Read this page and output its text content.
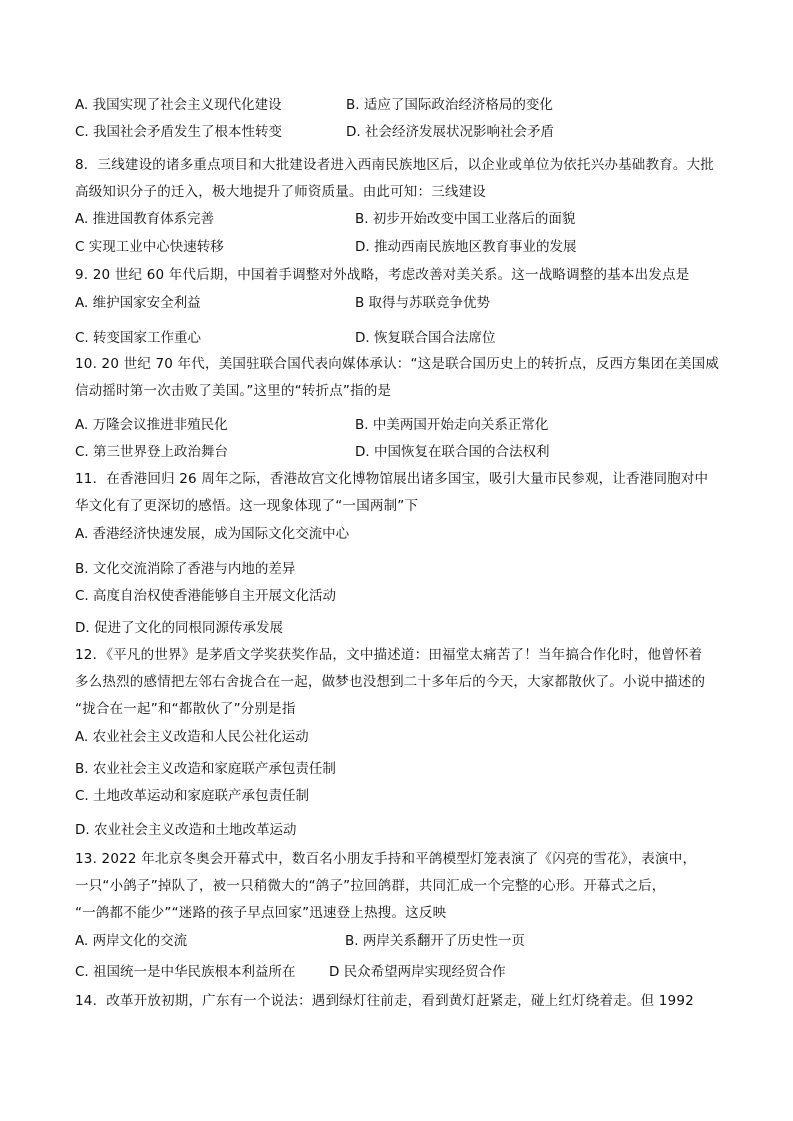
A. 我国实现了社会主义现代化建设	B. 适应了国际政治经济格局的变化
C. 我国社会矛盾发生了根本性转变	D. 社会经济发展状况影响社会矛盾
8．三线建设的诸多重点项目和大批建设者进入西南民族地区后，以企业或单位为依托兴办基础教育。大批
高级知识分子的迁入，极大地提升了师资质量。由此可知：三线建设
A. 推进国教育体系完善	B. 初步开始改变中国工业落后的面貌
C 实现工业中心快速转移	D. 推动西南民族地区教育事业的发展
9. 20 世纪 60 年代后期，中国着手调整对外战略，考虑改善对美关系。这一战略调整的基本出发点是
A. 维护国家安全利益	B 取得与苏联竞争优势
C. 转变国家工作重心	D. 恢复联合国合法席位
10. 20 世纪 70 年代，美国驻联合国代表向媒体承认：“这是联合国历史上的转折点，反西方集团在美国威
信动摇时第一次击败了美国。”这里的“转折点”指的是
A. 万隆会议推进非殖民化	B. 中美两国开始走向关系正常化
C. 第三世界登上政治舞台	D. 中国恢复在联合国的合法权利
11．在香港回归 26 周年之际，香港故宫文化博物馆展出诸多国宝，吸引大量市民参观，让香港同胞对中
华文化有了更深切的感悟。这一现象体现了“一国两制”下
A. 香港经济快速发展，成为国际文化交流中心
B. 文化交流消除了香港与内地的差异
C. 高度自治权使香港能够自主开展文化活动
D. 促进了文化的同根同源传承发展
12．《平凡的世界》是茅盾文学奖获奖作品，文中描述道：田福堂太痛苦了！当年搞合作化时，他曾怀着
多么热烈的感情把左邻右舍拢合在一起，做梦也没想到二十多年后的今天，大家都散伙了。小说中描述的
“拢合在一起”和“都散伙了”分别是指
A. 农业社会主义改造和人民公社化运动
B. 农业社会主义改造和家庭联产承包责任制
C. 土地改革运动和家庭联产承包责任制
D. 农业社会主义改造和土地改革运动
13. 2022 年北京冬奥会开幕式中，数百名小朋友手持和平鸽模型灯笼表演了《闪亮的雪花》，表演中，
一只“小鸽子”掉队了，被一只稍微大的“鸽子”拉回鸽群，共同汇成一个完整的心形。开幕式之后，
“一鸽都不能少”“迷路的孩子早点回家”迅速登上热搜。这反映
A. 两岸文化的交流	B. 两岸关系翻开了历史性一页
C. 祖国统一是中华民族根本利益所在 D 民众希望两岸实现经贸合作
14．改革开放初期，广东有一个说法：遇到绿灯往前走，看到黄灯赶紧走，碰上红灯绕着走。但 1992
